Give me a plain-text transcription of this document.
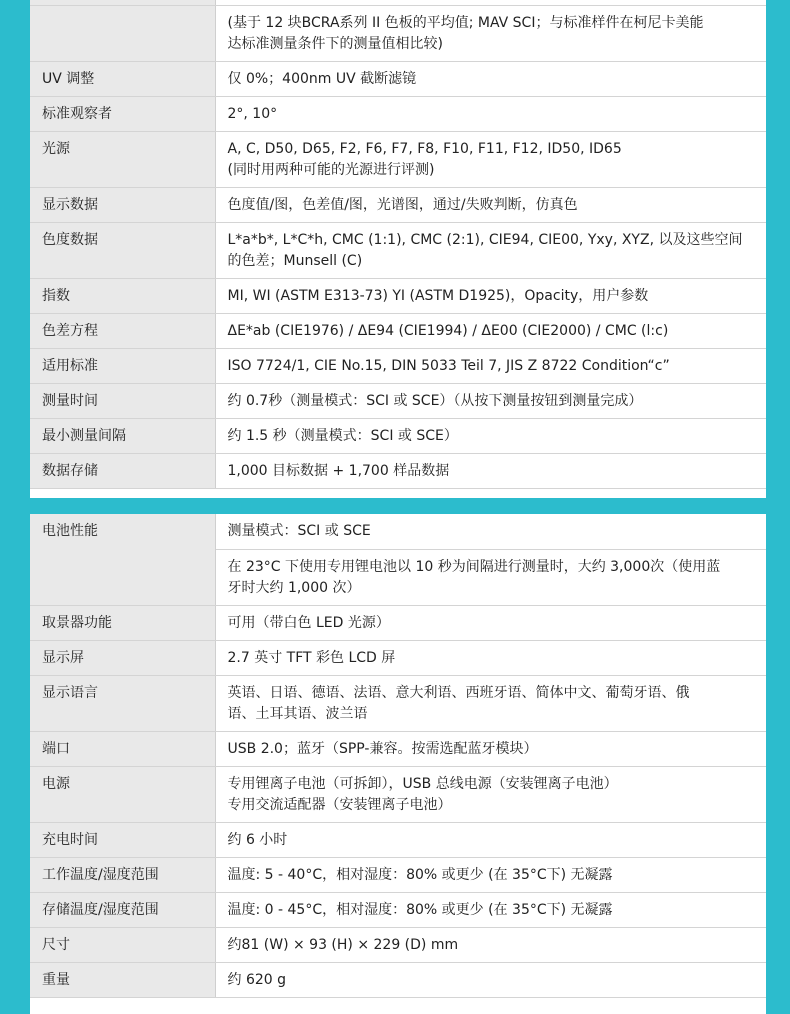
	(基于 12 块BCRA系列 II 色板的平均值; MAV SCI；与标准样件在柯尼卡美能
达标准测量条件下的测量值相比较)

UV 调整	仅 0%；400nm UV 截断滤镜

标准观察者	2°, 10°

光源	A, C, D50, D65, F2, F6, F7, F8, F10, F11, F12, ID50, ID65
(同时用两种可能的光源进行评测)

显示数据	色度值/图，色差值/图，光谱图，通过/失败判断，仿真色

色度数据	L*a*b*, L*C*h, CMC (1:1), CMC (2:1), CIE94, CIE00, Yxy, XYZ, 以及这些空间
的色差；Munsell (C)

指数	MI, WI (ASTM E313-73) YI (ASTM D1925)，Opacity，用户参数

色差方程	ΔE*ab (CIE1976) / ΔE94 (CIE1994) / ΔE00 (CIE2000) / CMC (l:c)

适用标准	ISO 7724/1, CIE No.15, DIN 5033 Teil 7, JIS Z 8722 Condition“c”

测量时间	约 0.7秒（测量模式：SCI 或 SCE）（从按下测量按钮到测量完成）

最小测量间隔	约 1.5 秒（测量模式：SCI 或 SCE）

数据存储	1,000 目标数据 + 1,700 样品数据
电池性能	测量模式：SCI 或 SCE

	在 23°C 下使用专用锂电池以 10 秒为间隔进行测量时，大约 3,000次（使用蓝
牙时大约 1,000 次）

取景器功能	可用（带白色 LED 光源）

显示屏	2.7 英寸 TFT 彩色 LCD 屏

显示语言	英语、日语、德语、法语、意大利语、西班牙语、简体中文、葡萄牙语、俄
语、土耳其语、波兰语

端口	USB 2.0；蓝牙（SPP-兼容。按需选配蓝牙模块）

电源	专用锂离子电池（可拆卸），USB 总线电源（安装锂离子电池）
专用交流适配器（安装锂离子电池）

充电时间	约 6 小时

工作温度/湿度范围	温度: 5 - 40°C，相对湿度：80% 或更少 (在 35°C下) 无凝露

存储温度/湿度范围	温度: 0 - 45°C，相对湿度：80% 或更少 (在 35°C下) 无凝露

尺寸	约81 (W) × 93 (H) × 229 (D) mm

重量	约 620 g
